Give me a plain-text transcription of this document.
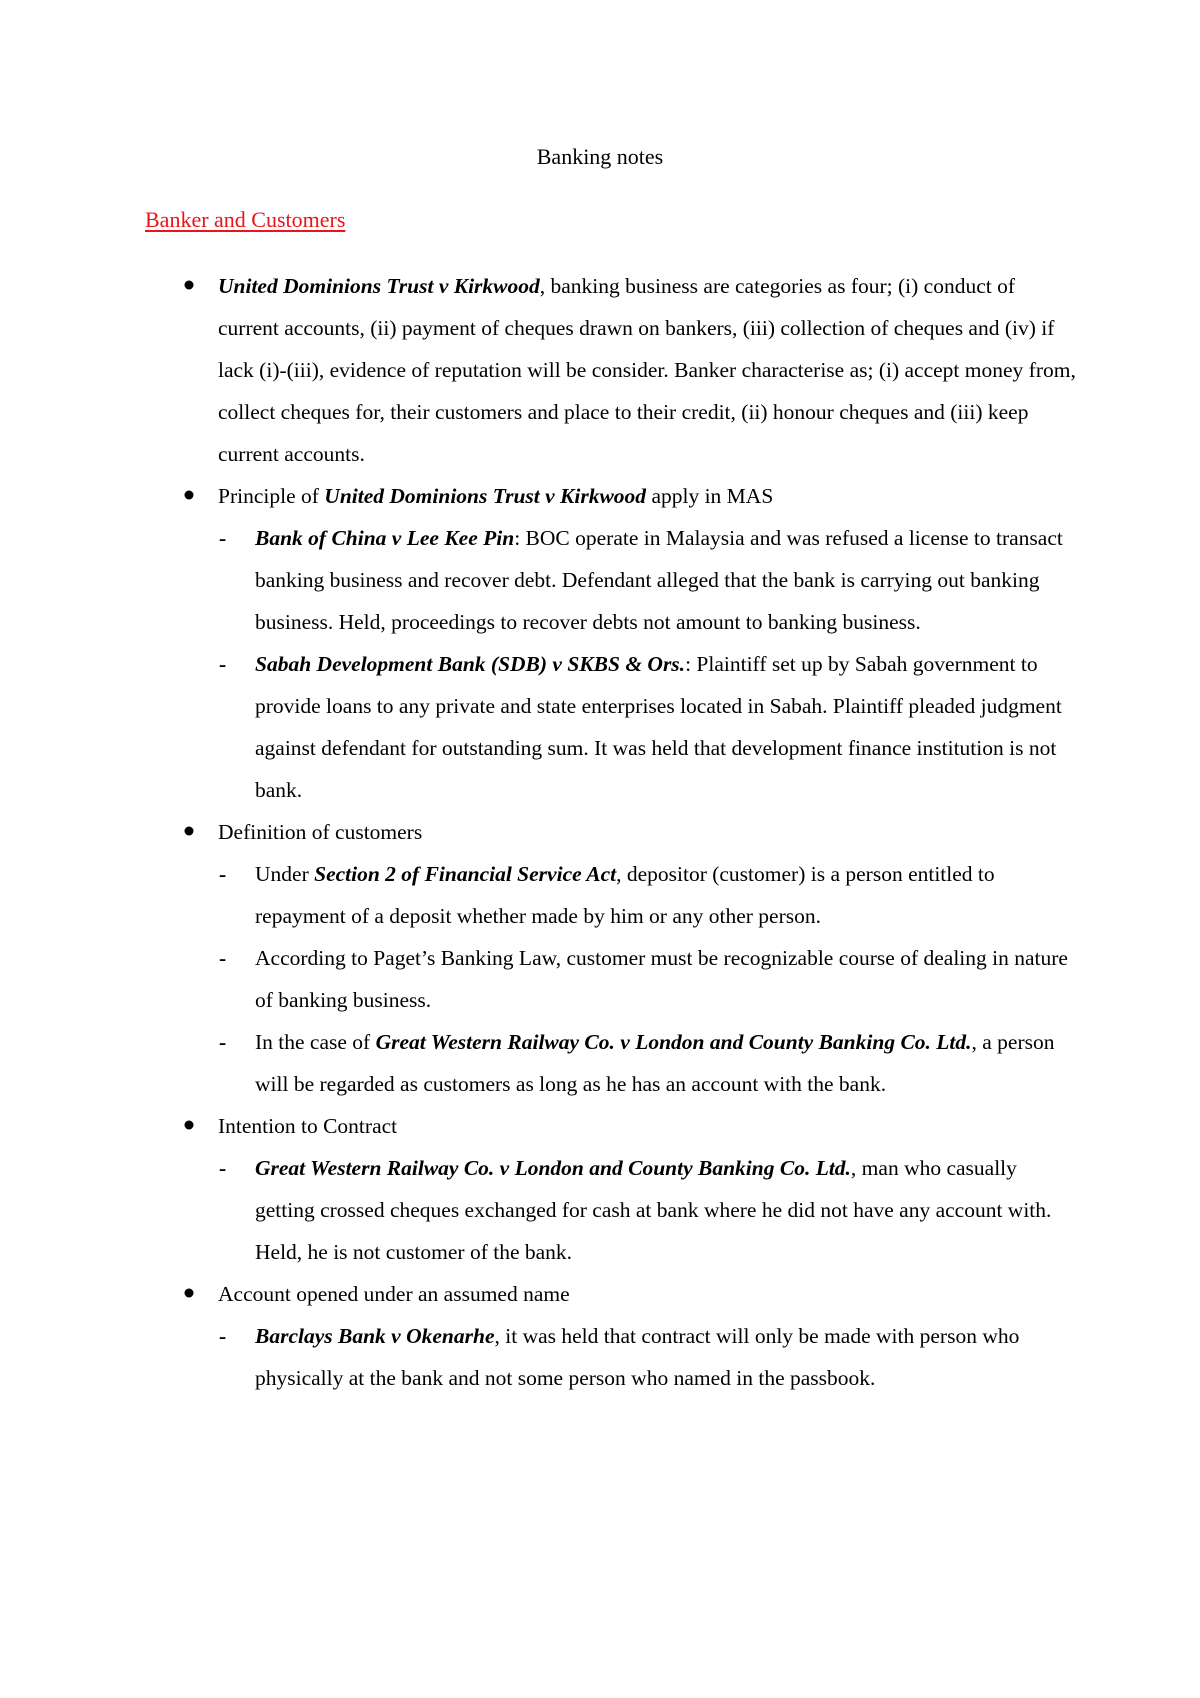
Banking notes
Banker and Customers
United Dominions Trust v Kirkwood, banking business are categories as four; (i) conduct of current accounts, (ii) payment of cheques drawn on bankers, (iii) collection of cheques and (iv) if lack (i)-(iii), evidence of reputation will be consider. Banker characterise as; (i) accept money from, collect cheques for, their customers and place to their credit, (ii) honour cheques and (iii) keep current accounts.
Principle of United Dominions Trust v Kirkwood apply in MAS
- Bank of China v Lee Kee Pin: BOC operate in Malaysia and was refused a license to transact banking business and recover debt. Defendant alleged that the bank is carrying out banking business. Held, proceedings to recover debts not amount to banking business.
- Sabah Development Bank (SDB) v SKBS & Ors.: Plaintiff set up by Sabah government to provide loans to any private and state enterprises located in Sabah. Plaintiff pleaded judgment against defendant for outstanding sum. It was held that development finance institution is not bank.
Definition of customers
- Under Section 2 of Financial Service Act, depositor (customer) is a person entitled to repayment of a deposit whether made by him or any other person.
- According to Paget’s Banking Law, customer must be recognizable course of dealing in nature of banking business.
- In the case of Great Western Railway Co. v London and County Banking Co. Ltd., a person will be regarded as customers as long as he has an account with the bank.
Intention to Contract
- Great Western Railway Co. v London and County Banking Co. Ltd., man who casually getting crossed cheques exchanged for cash at bank where he did not have any account with. Held, he is not customer of the bank.
Account opened under an assumed name
- Barclays Bank v Okenarhe, it was held that contract will only be made with person who physically at the bank and not some person who named in the passbook.
